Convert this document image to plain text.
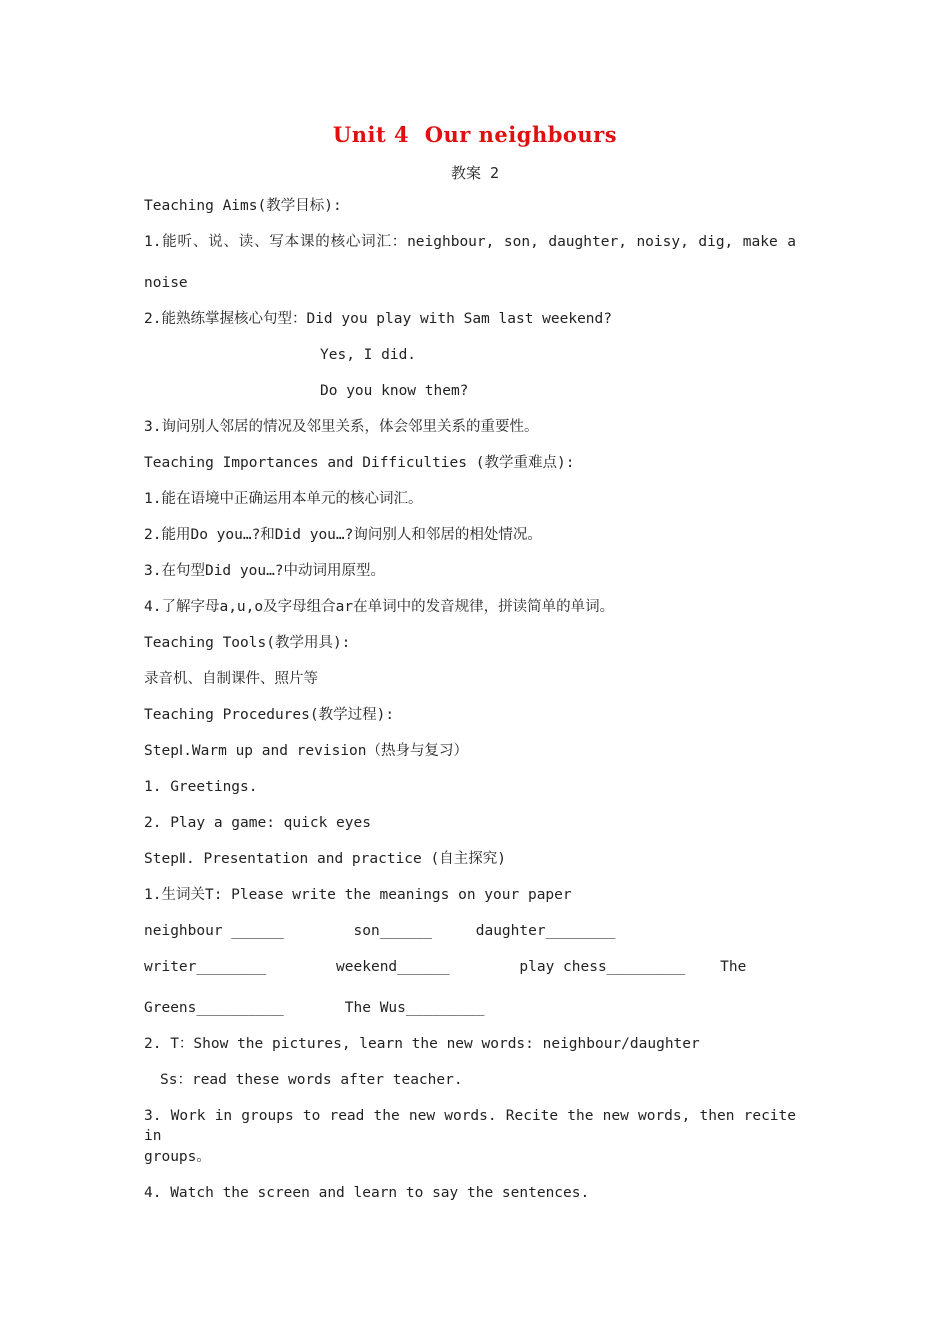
Unit 4  Our neighbours
教案 2
Teaching Aims(教学目标):
1.能听、说、读、写本课的核心词汇：neighbour, son, daughter, noisy, dig, make a
noise
2.能熟练掌握核心句型：Did you play with Sam last weekend?
Yes, I did.
Do you know them?
3.询问别人邻居的情况及邻里关系，体会邻里关系的重要性。
Teaching Importances and Difficulties (教学重难点):
1.能在语境中正确运用本单元的核心词汇。
2.能用Do you…?和Did you…?询问别人和邻居的相处情况。
3.在句型Did you…?中动词用原型。
4.了解字母a,u,o及字母组合ar在单词中的发音规律，拼读简单的单词。
Teaching Tools(教学用具):
录音机、自制课件、照片等
Teaching Procedures(教学过程):
StepⅠ.Warm up and revision（热身与复习）
1. Greetings.
2. Play a game: quick eyes
StepⅡ. Presentation and practice (自主探究)
1.生词关T: Please write the meanings on your paper
neighbour ______        son______     daughter________
writer________        weekend______        play chess_________    The
Greens__________       The Wus_________
2. T：Show the pictures, learn the new words: neighbour/daughter
Ss：read these words after teacher.
3. Work in groups to read the new words. Recite the new words, then recite in
groups。
4. Watch the screen and learn to say the sentences.
